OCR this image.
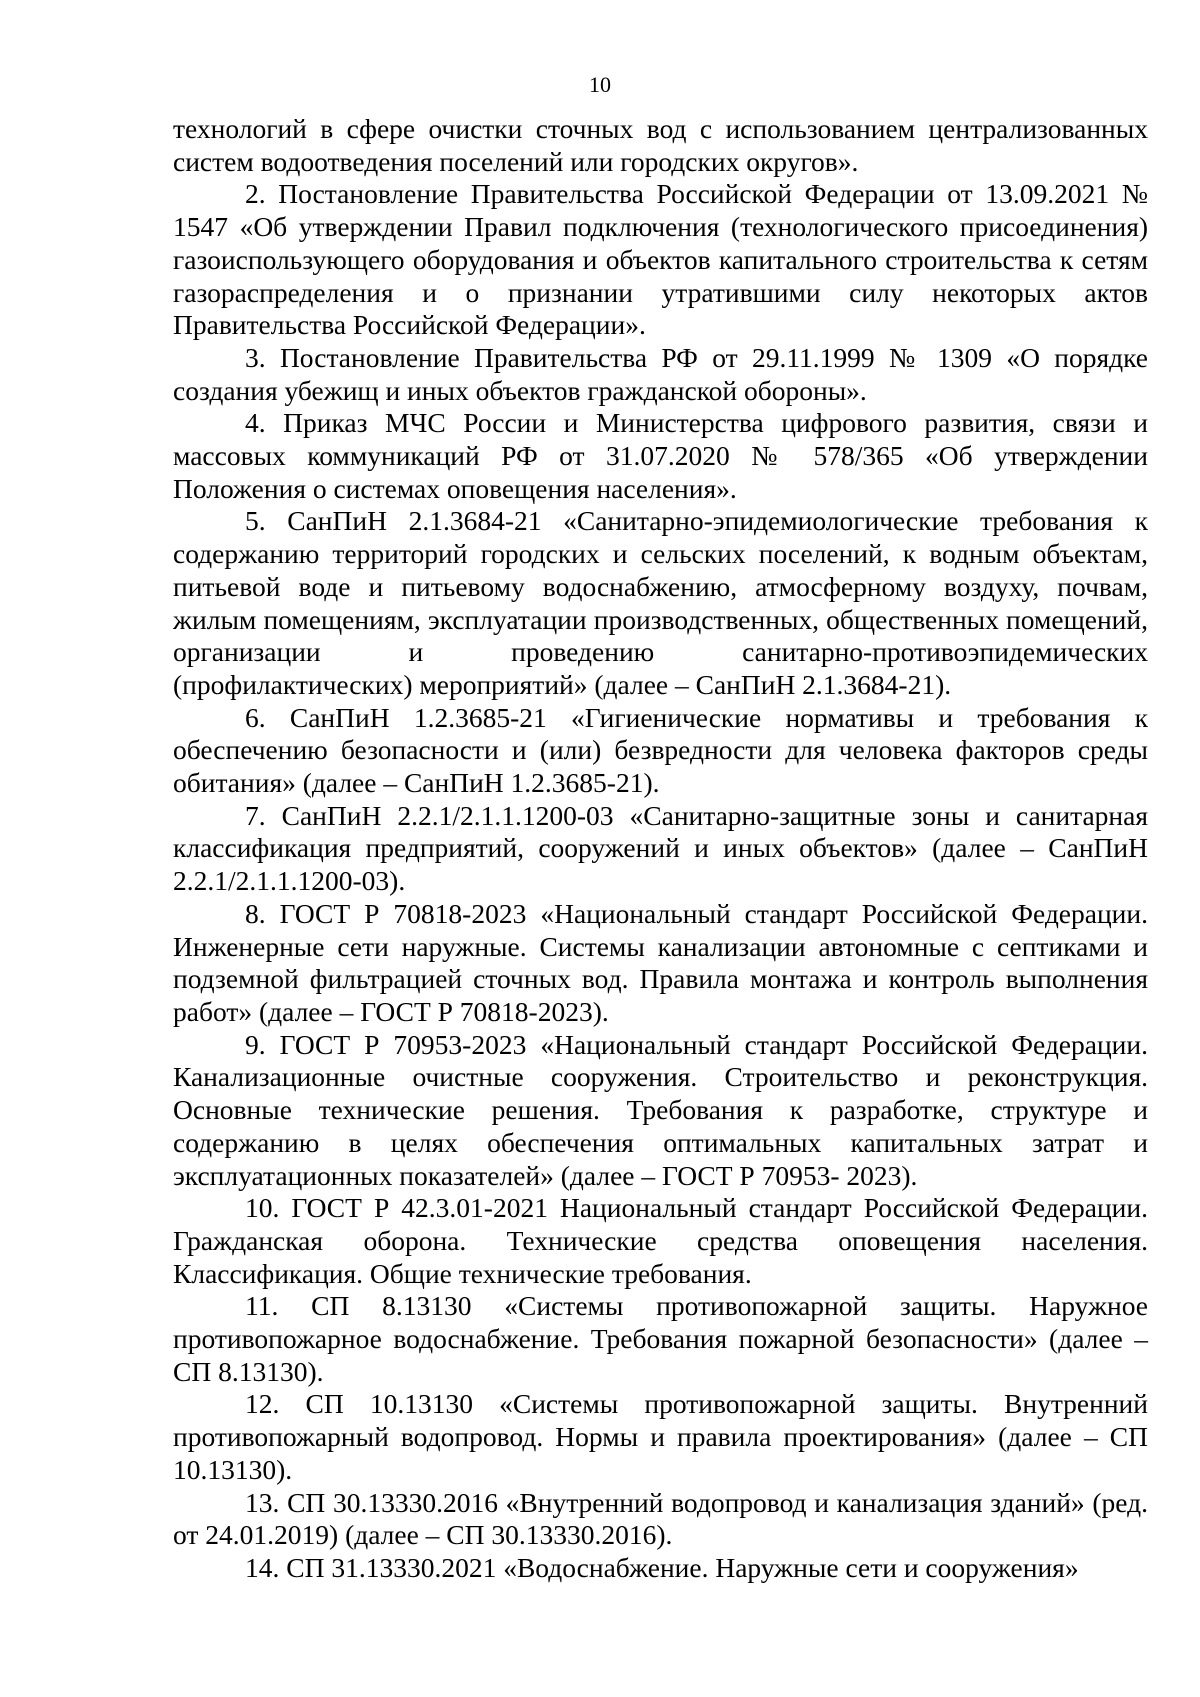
10

технологий в сфере очистки сточных вод с использованием централизованных систем водоотведения поселений или городских округов».

2. Постановление Правительства Российской Федерации от 13.09.2021 № 1547 «Об утверждении Правил подключения (технологического присоединения) газоиспользующего оборудования и объектов капитального строительства к сетям газораспределения и о признании утратившими силу некоторых актов Правительства Российской Федерации».

3. Постановление Правительства РФ от 29.11.1999 № 1309 «О порядке создания убежищ и иных объектов гражданской обороны».

4. Приказ МЧС России и Министерства цифрового развития, связи и массовых коммуникаций РФ от 31.07.2020 № 578/365 «Об утверждении Положения о системах оповещения населения».

5. СанПиН 2.1.3684-21 «Санитарно-эпидемиологические требования к содержанию территорий городских и сельских поселений, к водным объектам, питьевой воде и питьевому водоснабжению, атмосферному воздуху, почвам, жилым помещениям, эксплуатации производственных, общественных помещений, организации и проведению санитарно-противоэпидемических (профилактических) мероприятий» (далее – СанПиН 2.1.3684-21).

6. СанПиН 1.2.3685-21 «Гигиенические нормативы и требования к обеспечению безопасности и (или) безвредности для человека факторов среды обитания» (далее – СанПиН 1.2.3685-21).

7. СанПиН 2.2.1/2.1.1.1200-03 «Санитарно-защитные зоны и санитарная классификация предприятий, сооружений и иных объектов» (далее – СанПиН 2.2.1/2.1.1.1200-03).

8. ГОСТ Р 70818-2023 «Национальный стандарт Российской Федерации. Инженерные сети наружные. Системы канализации автономные с септиками и подземной фильтрацией сточных вод. Правила монтажа и контроль выполнения работ» (далее – ГОСТ Р 70818-2023).

9. ГОСТ Р 70953-2023 «Национальный стандарт Российской Федерации. Канализационные очистные сооружения. Строительство и реконструкция. Основные технические решения. Требования к разработке, структуре и содержанию в целях обеспечения оптимальных капитальных затрат и эксплуатационных показателей» (далее – ГОСТ Р 70953- 2023).

10. ГОСТ Р 42.3.01-2021 Национальный стандарт Российской Федерации. Гражданская оборона. Технические средства оповещения населения. Классификация. Общие технические требования.

11. СП 8.13130 «Системы противопожарной защиты. Наружное противопожарное водоснабжение. Требования пожарной безопасности» (далее – СП 8.13130).

12. СП 10.13130 «Системы противопожарной защиты. Внутренний противопожарный водопровод. Нормы и правила проектирования» (далее – СП 10.13130).

13. СП 30.13330.2016 «Внутренний водопровод и канализация зданий» (ред. от 24.01.2019) (далее – СП 30.13330.2016).

14. СП 31.13330.2021 «Водоснабжение. Наружные сети и сооружения»
